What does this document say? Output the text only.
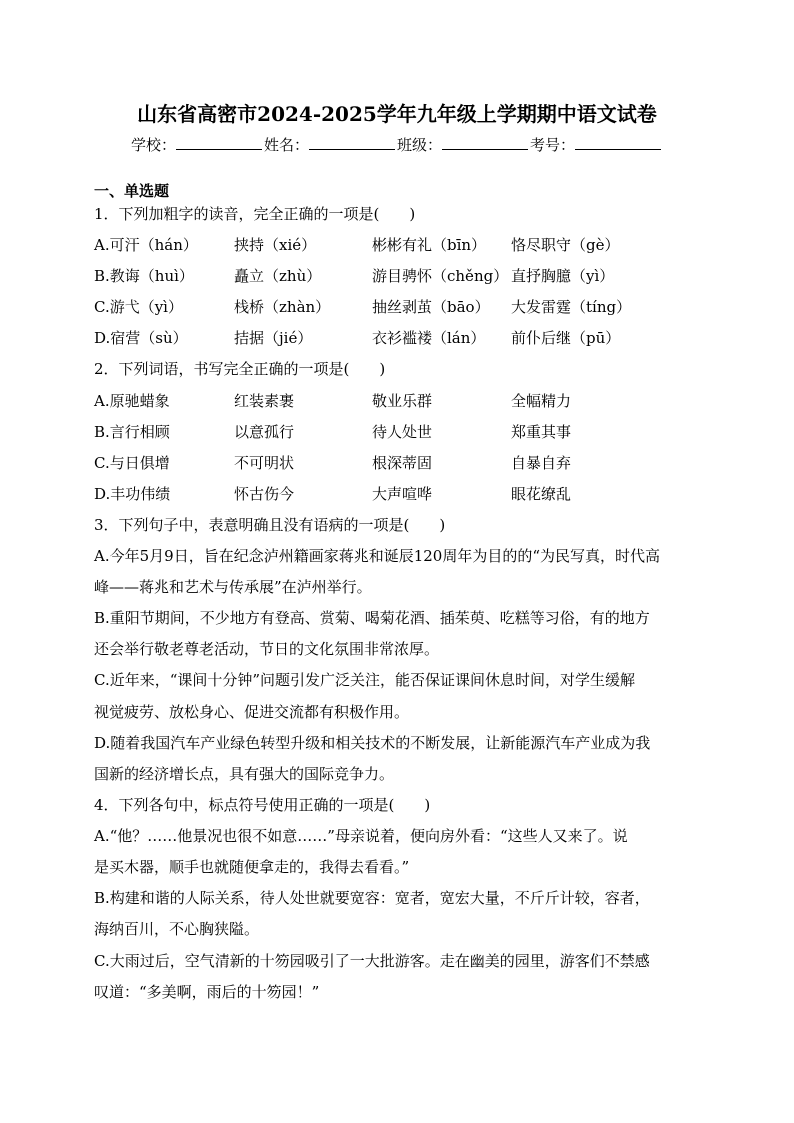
山东省高密市2024-2025学年九年级上学期期中语文试卷
学校：	姓名：	班级：	考号：
一、单选题
1．下列加粗字的读音，完全正确的一项是(　　)
A.可汗（hán） 挟持（xié）	彬彬有礼（bīn） 恪尽职守（gè）
B.教诲（huì）	矗立（zhù）	游目骋怀（chěng） 直抒胸臆（yì）
C.游弋（yì）	栈桥（zhàn）	抽丝剥茧（bāo） 大发雷霆（tíng）
D.宿营（sù）	拮据（jié）	衣衫褴褛（lán） 前仆后继（pū）
2．下列词语，书写完全正确的一项是(　　)
A.原驰蜡象	红装素裹	敬业乐群	全幅精力
B.言行相顾	以意孤行	待人处世	郑重其事
C.与日俱增	不可明状	根深蒂固	自暴自弃
D.丰功伟绩	怀古伤今	大声喧哗	眼花缭乱
3．下列句子中，表意明确且没有语病的一项是(　　)
A.今年5月9日，旨在纪念泸州籍画家蒋兆和诞辰120周年为目的的“为民写真，时代高
峰——蒋兆和艺术与传承展”在泸州举行。
B.重阳节期间，不少地方有登高、赏菊、喝菊花酒、插茱萸、吃糕等习俗，有的地方
还会举行敬老尊老活动，节日的文化氛围非常浓厚。
C.近年来，“课间十分钟”问题引发广泛关注，能否保证课间休息时间，对学生缓解
视觉疲劳、放松身心、促进交流都有积极作用。
D.随着我国汽车产业绿色转型升级和相关技术的不断发展，让新能源汽车产业成为我
国新的经济增长点，具有强大的国际竞争力。
4．下列各句中，标点符号使用正确的一项是(　　)
A.“他？……他景况也很不如意……”母亲说着，便向房外看：“这些人又来了。说
是买木器，顺手也就随便拿走的，我得去看看。”
B.构建和谐的人际关系，待人处世就要宽容：宽者，宽宏大量，不斤斤计较，容者，
海纳百川，不心胸狭隘。
C.大雨过后，空气清新的十笏园吸引了一大批游客。走在幽美的园里，游客们不禁感
叹道：“多美啊，雨后的十笏园！”
